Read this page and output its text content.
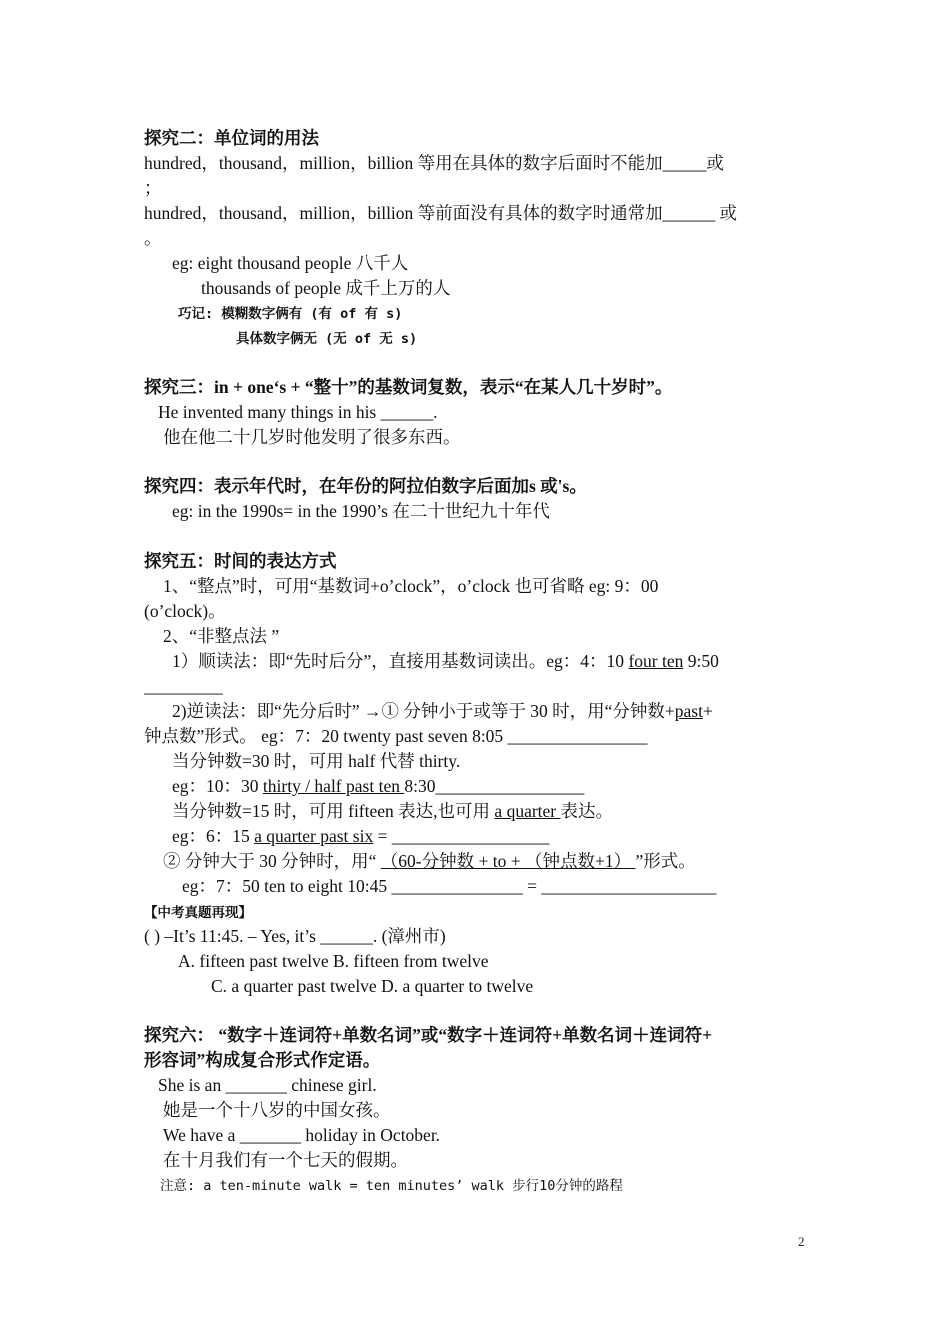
探究二：单位词的用法
hundred，thousand，million，billion 等用在具体的数字后面时不能加_____或
；
hundred，thousand，million，billion 等前面没有具体的数字时通常加______ 或
。
eg: eight thousand people 八千人
thousands of people 成千上万的人
巧记: 模糊数字俩有 (有 of 有 s)
具体数字俩无 (无 of 无 s)
探究三：in + one‘s + “整十”的基数词复数，表示“在某人几十岁时”。
He invented many things in his ______.
他在他二十几岁时他发明了很多东西。
探究四：表示年代时，在年份的阿拉伯数字后面加s 或's。
eg: in the 1990s= in the 1990’s 在二十世纪九十年代
探究五：时间的表达方式
1、“整点”时，可用“基数词+o’clock”，o’clock 也可省略 eg: 9：00
(o’clock)。
2、“非整点法 ”
1）顺读法：即“先时后分”，直接用基数词读出。eg：4：10 four ten 9:50
_________
2)逆读法：即“先分后时” →① 分钟小于或等于 30 时，用“分钟数+past+
钟点数”形式。 eg：7：20 twenty past seven 8:05 ________________
当分钟数=30 时，可用 half 代替 thirty.
eg：10：30 thirty / half past ten 8:30_________________
当分钟数=15 时，可用 fifteen 表达,也可用 a quarter 表达。
eg：6：15 a quarter past six = __________________
② 分钟大于 30 分钟时，用“ （60-分钟数 + to + （钟点数+1） ”形式。
eg：7：50 ten to eight 10:45 _______________ = ____________________
【中考真题再现】
( ) –It’s 11:45. – Yes, it’s ______. (漳州市)
A. fifteen past twelve B. fifteen from twelve
C. a quarter past twelve D. a quarter to twelve
探究六： “数字＋连词符+单数名词”或“数字＋连词符+单数名词＋连词符+
形容词”构成复合形式作定语。
She is an _______ chinese girl.
她是一个十八岁的中国女孩。
We have a _______ holiday in October.
在十月我们有一个七天的假期。
注意: a ten-minute walk = ten minutes’ walk 步行10分钟的路程
2
